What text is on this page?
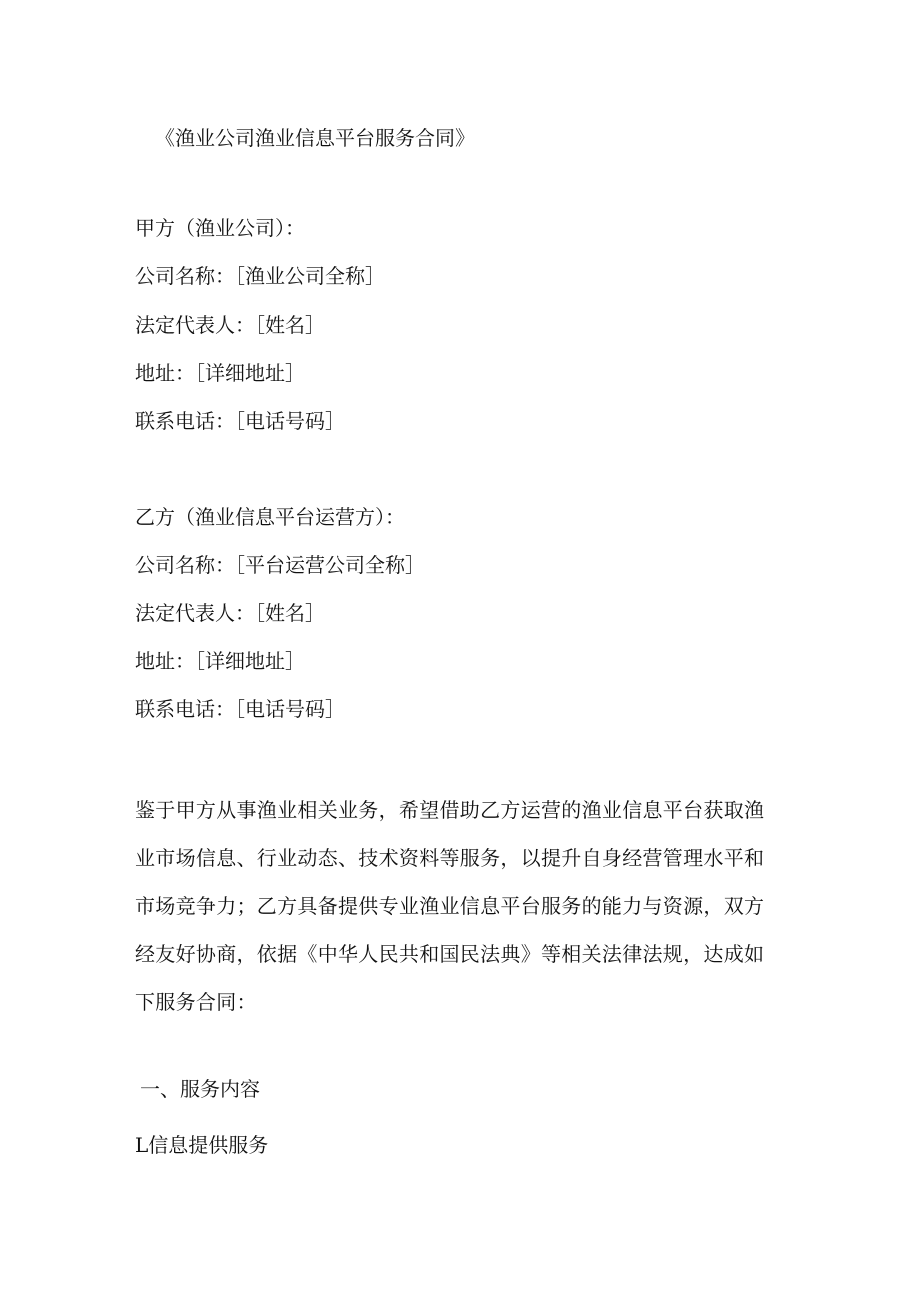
《渔业公司渔业信息平台服务合同》

甲方（渔业公司）：

公司名称：［渔业公司全称］

法定代表人：［姓名］

地址：［详细地址］

联系电话：［电话号码］

乙方（渔业信息平台运营方）：

公司名称：［平台运营公司全称］

法定代表人：［姓名］

地址：［详细地址］

联系电话：［电话号码］

鉴于甲方从事渔业相关业务，希望借助乙方运营的渔业信息平台获取渔
业市场信息、行业动态、技术资料等服务，以提升自身经营管理水平和
市场竞争力；乙方具备提供专业渔业信息平台服务的能力与资源，双方
经友好协商，依据《中华人民共和国民法典》等相关法律法规，达成如
下服务合同：

一、服务内容

L信息提供服务
